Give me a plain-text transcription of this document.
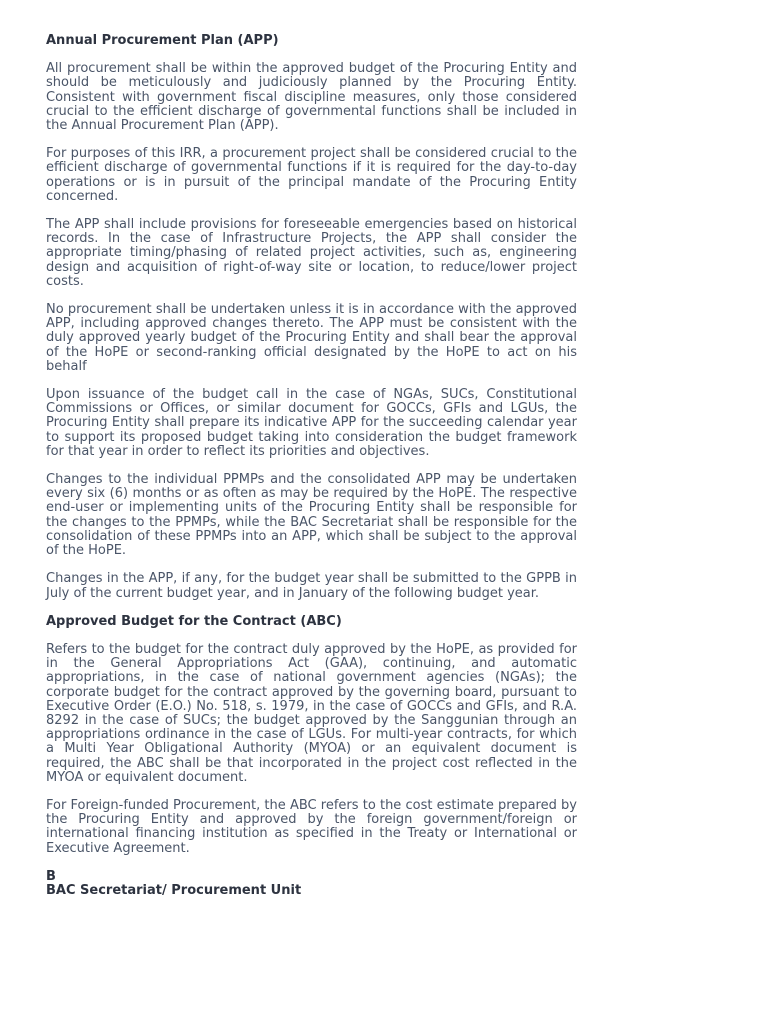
Annual Procurement Plan (APP)

All procurement shall be within the approved budget of the Procuring Entity and should be meticulously and judiciously planned by the Procuring Entity. Consistent with government fiscal discipline measures, only those considered crucial to the efficient discharge of governmental functions shall be included in the Annual Procurement Plan (APP).

For purposes of this IRR, a procurement project shall be considered crucial to the efficient discharge of governmental functions if it is required for the day-to-day operations or is in pursuit of the principal mandate of the Procuring Entity concerned.

The APP shall include provisions for foreseeable emergencies based on historical records. In the case of Infrastructure Projects, the APP shall consider the appropriate timing/phasing of related project activities, such as, engineering design and acquisition of right-of-way site or location, to reduce/lower project costs.

No procurement shall be undertaken unless it is in accordance with the approved APP, including approved changes thereto. The APP must be consistent with the duly approved yearly budget of the Procuring Entity and shall bear the approval of the HoPE or second-ranking official designated by the HoPE to act on his behalf

Upon issuance of the budget call in the case of NGAs, SUCs, Constitutional Commissions or Offices, or similar document for GOCCs, GFIs and LGUs, the Procuring Entity shall prepare its indicative APP for the succeeding calendar year to support its proposed budget taking into consideration the budget framework for that year in order to reflect its priorities and objectives.

Changes to the individual PPMPs and the consolidated APP may be undertaken every six (6) months or as often as may be required by the HoPE. The respective end-user or implementing units of the Procuring Entity shall be responsible for the changes to the PPMPs, while the BAC Secretariat shall be responsible for the consolidation of these PPMPs into an APP, which shall be subject to the approval of the HoPE.

Changes in the APP, if any, for the budget year shall be submitted to the GPPB in July of the current budget year, and in January of the following budget year.

Approved Budget for the Contract (ABC)

Refers to the budget for the contract duly approved by the HoPE, as provided for in the General Appropriations Act (GAA), continuing, and automatic appropriations, in the case of national government agencies (NGAs); the corporate budget for the contract approved by the governing board, pursuant to Executive Order (E.O.) No. 518, s. 1979, in the case of GOCCs and GFIs, and R.A. 8292 in the case of SUCs; the budget approved by the Sanggunian through an appropriations ordinance in the case of LGUs. For multi-year contracts, for which a Multi Year Obligational Authority (MYOA) or an equivalent document is required, the ABC shall be that incorporated in the project cost reflected in the MYOA or equivalent document.

For Foreign-funded Procurement, the ABC refers to the cost estimate prepared by the Procuring Entity and approved by the foreign government/foreign or international financing institution as specified in the Treaty or International or Executive Agreement.

B
BAC Secretariat/ Procurement Unit
